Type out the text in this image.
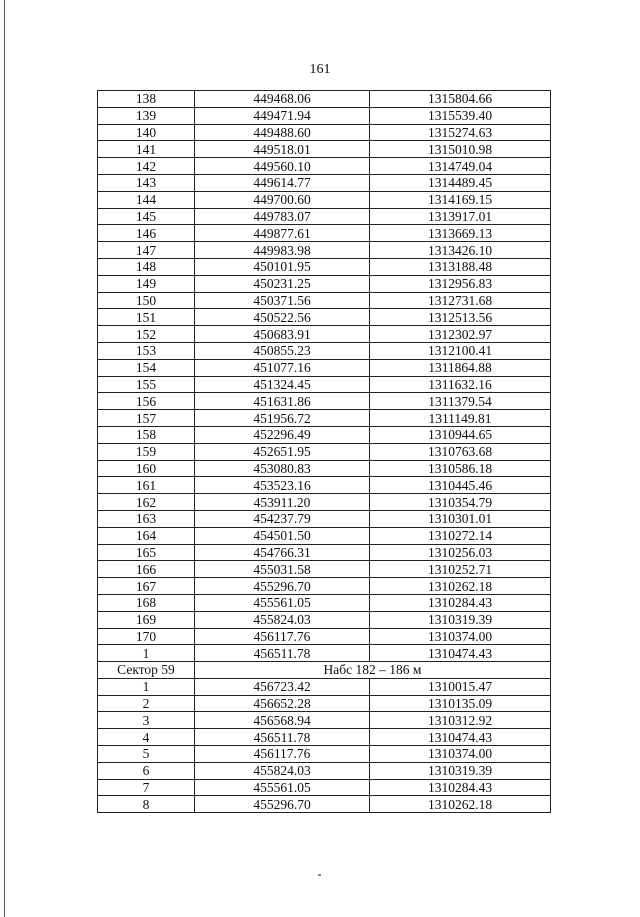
161
138	449468.06	1315804.66
139	449471.94	1315539.40
140	449488.60	1315274.63
141	449518.01	1315010.98
142	449560.10	1314749.04
143	449614.77	1314489.45
144	449700.60	1314169.15
145	449783.07	1313917.01
146	449877.61	1313669.13
147	449983.98	1313426.10
148	450101.95	1313188.48
149	450231.25	1312956.83
150	450371.56	1312731.68
151	450522.56	1312513.56
152	450683.91	1312302.97
153	450855.23	1312100.41
154	451077.16	1311864.88
155	451324.45	1311632.16
156	451631.86	1311379.54
157	451956.72	1311149.81
158	452296.49	1310944.65
159	452651.95	1310763.68
160	453080.83	1310586.18
161	453523.16	1310445.46
162	453911.20	1310354.79
163	454237.79	1310301.01
164	454501.50	1310272.14
165	454766.31	1310256.03
166	455031.58	1310252.71
167	455296.70	1310262.18
168	455561.05	1310284.43
169	455824.03	1310319.39
170	456117.76	1310374.00
1	456511.78	1310474.43
Сектор 59	Набс 182 – 186 м	
1	456723.42	1310015.47
2	456652.28	1310135.09
3	456568.94	1310312.92
4	456511.78	1310474.43
5	456117.76	1310374.00
6	455824.03	1310319.39
7	455561.05	1310284.43
8	455296.70	1310262.18
